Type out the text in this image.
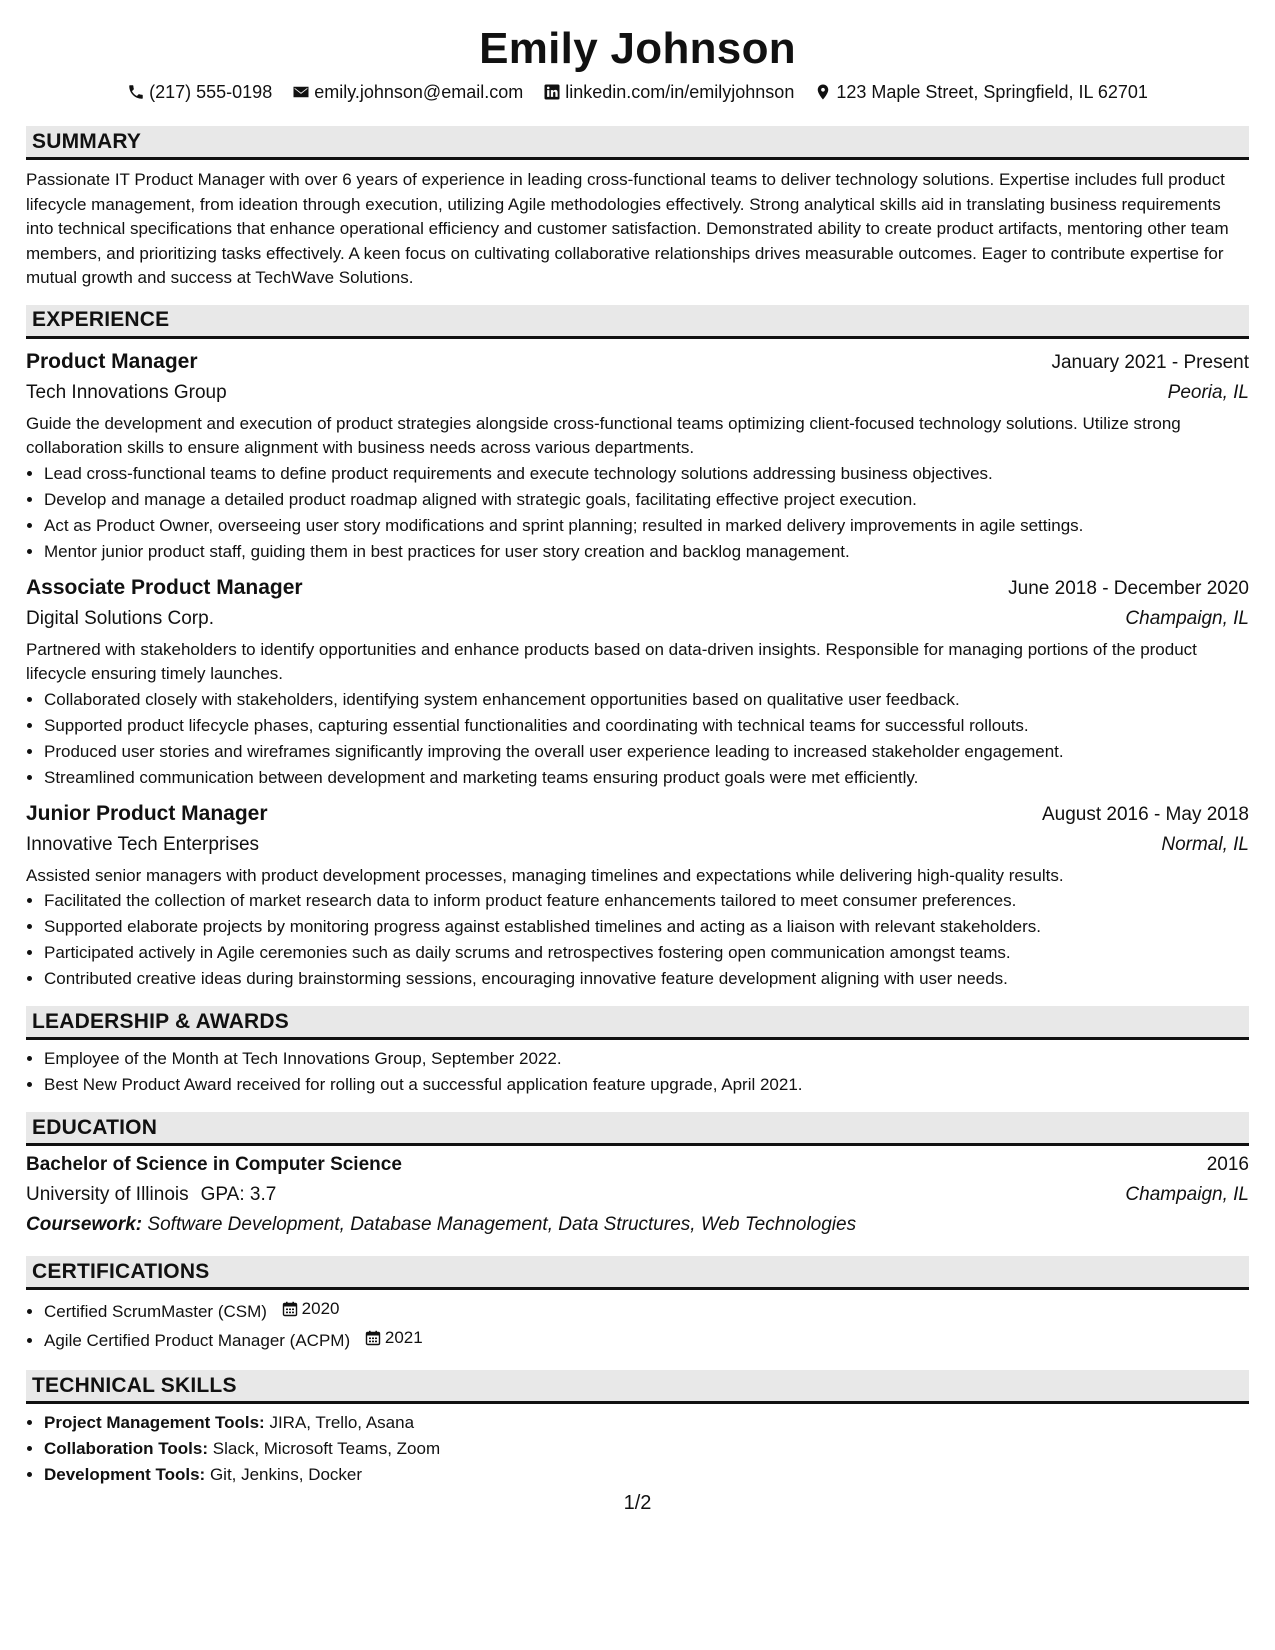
Emily Johnson
(217) 555-0198 emily.johnson@email.com linkedin.com/in/emilyjohnson 123 Maple Street, Springfield, IL 62701
SUMMARY

Passionate IT Product Manager with over 6 years of experience in leading cross-functional teams to deliver technology solutions. Expertise includes full product lifecycle management, from ideation through execution, utilizing Agile methodologies effectively. Strong analytical skills aid in translating business requirements into technical specifications that enhance operational efficiency and customer satisfaction. Demonstrated ability to create product artifacts, mentoring other team members, and prioritizing tasks effectively. A keen focus on cultivating collaborative relationships drives measurable outcomes. Eager to contribute expertise for mutual growth and success at TechWave Solutions.

EXPERIENCE
Product Manager	January 2021 - Present
Tech Innovations Group	Peoria, IL
Guide the development and execution of product strategies alongside cross-functional teams optimizing client-focused technology solutions. Utilize strong collaboration skills to ensure alignment with business needs across various departments.
• Lead cross-functional teams to define product requirements and execute technology solutions addressing business objectives.
• Develop and manage a detailed product roadmap aligned with strategic goals, facilitating effective project execution.
• Act as Product Owner, overseeing user story modifications and sprint planning; resulted in marked delivery improvements in agile settings.
• Mentor junior product staff, guiding them in best practices for user story creation and backlog management.
Associate Product Manager	June 2018 - December 2020
Digital Solutions Corp.	Champaign, IL
Partnered with stakeholders to identify opportunities and enhance products based on data-driven insights. Responsible for managing portions of the product lifecycle ensuring timely launches.
• Collaborated closely with stakeholders, identifying system enhancement opportunities based on qualitative user feedback.
• Supported product lifecycle phases, capturing essential functionalities and coordinating with technical teams for successful rollouts.
• Produced user stories and wireframes significantly improving the overall user experience leading to increased stakeholder engagement.
• Streamlined communication between development and marketing teams ensuring product goals were met efficiently.
Junior Product Manager	August 2016 - May 2018
Innovative Tech Enterprises	Normal, IL
Assisted senior managers with product development processes, managing timelines and expectations while delivering high-quality results.
• Facilitated the collection of market research data to inform product feature enhancements tailored to meet consumer preferences.
• Supported elaborate projects by monitoring progress against established timelines and acting as a liaison with relevant stakeholders.
• Participated actively in Agile ceremonies such as daily scrums and retrospectives fostering open communication amongst teams.
• Contributed creative ideas during brainstorming sessions, encouraging innovative feature development aligning with user needs.
LEADERSHIP & AWARDS
• Employee of the Month at Tech Innovations Group, September 2022.
• Best New Product Award received for rolling out a successful application feature upgrade, April 2021.
EDUCATION
Bachelor of Science in Computer Science	2016
University of Illinois GPA: 3.7	Champaign, IL
Coursework: Software Development, Database Management, Data Structures, Web Technologies
CERTIFICATIONS
• Certified ScrumMaster (CSM) 2020
• Agile Certified Product Manager (ACPM) 2021
TECHNICAL SKILLS
• Project Management Tools: JIRA, Trello, Asana
• Collaboration Tools: Slack, Microsoft Teams, Zoom
• Development Tools: Git, Jenkins, Docker
1/2
